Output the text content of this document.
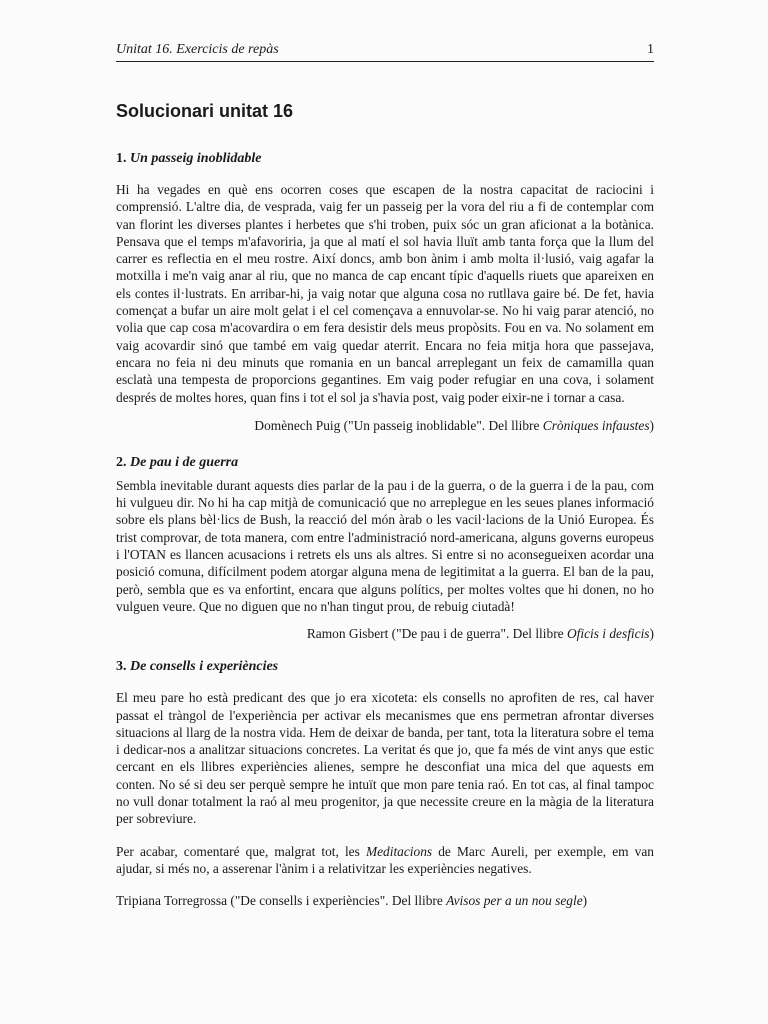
Unitat 16. Exercicis de repàs	1
Solucionari unitat 16
1. Un passeig inoblidable

Hi ha vegades en què ens ocorren coses que escapen de la nostra capacitat de raciocini i comprensió. L'altre dia, de vesprada, vaig fer un passeig per la vora del riu a fi de contemplar com van florint les diverses plantes i herbetes que s'hi troben, puix sóc un gran aficionat a la botànica. Pensava que el temps m'afavoriria, ja que al matí el sol havia lluït amb tanta força que la llum del carrer es reflectia en el meu rostre. Així doncs, amb bon ànim i amb molta il·lusió, vaig agafar la motxilla i me'n vaig anar al riu, que no manca de cap encant típic d'aquells riuets que apareixen en els contes il·lustrats. En arribar-hi, ja vaig notar que alguna cosa no rutllava gaire bé. De fet, havia començat a bufar un aire molt gelat i el cel començava a ennuvolar-se. No hi vaig parar atenció, no volia que cap cosa m'acovardira o em fera desistir dels meus propòsits. Fou en va. No solament em vaig acovardir sinó que també em vaig quedar aterrit. Encara no feia mitja hora que passejava, encara no feia ni deu minuts que romania en un bancal arreplegant un feix de camamilla quan esclatà una tempesta de proporcions gegantines. Em vaig poder refugiar en una cova, i solament després de moltes hores, quan fins i tot el sol ja s'havia post, vaig poder eixir-ne i tornar a casa.

Domènech Puig ("Un passeig inoblidable". Del llibre Cròniques infaustes)
2. De pau i de guerra

Sembla inevitable durant aquests dies parlar de la pau i de la guerra, o de la guerra i de la pau, com hi vulgueu dir. No hi ha cap mitjà de comunicació que no arreplegue en les seues planes informació sobre els plans bèl·lics de Bush, la reacció del món àrab o les vacil·lacions de la Unió Europea. És trist comprovar, de tota manera, com entre l'administració nord-americana, alguns governs europeus i l'OTAN es llancen acusacions i retrets els uns als altres. Si entre si no aconsegueixen acordar una posició comuna, difícilment podem atorgar alguna mena de legitimitat a la guerra. El ban de la pau, però, sembla que es va enfortint, encara que alguns polítics, per moltes voltes que hi donen, no ho vulguen veure. Que no diguen que no n'han tingut prou, de rebuig ciutadà!

Ramon Gisbert ("De pau i de guerra". Del llibre Oficis i desficis)
3. De consells i experiències

El meu pare ho està predicant des que jo era xicoteta: els consells no aprofiten de res, cal haver passat el tràngol de l'experiència per activar els mecanismes que ens permetran afrontar diverses situacions al llarg de la nostra vida. Hem de deixar de banda, per tant, tota la literatura sobre el tema i dedicar-nos a analitzar situacions concretes. La veritat és que jo, que fa més de vint anys que estic cercant en els llibres experiències alienes, sempre he desconfiat una mica del que aquests em conten. No sé si deu ser perquè sempre he intuït que mon pare tenia raó. En tot cas, al final tampoc no vull donar totalment la raó al meu progenitor, ja que necessite creure en la màgia de la literatura per sobreviure.

Per acabar, comentaré que, malgrat tot, les Meditacions de Marc Aureli, per exemple, em van ajudar, si més no, a asserenar l'ànim i a relativitzar les experiències negatives.

Tripiana Torregrossa ("De consells i experiències". Del llibre Avisos per a un nou segle)
